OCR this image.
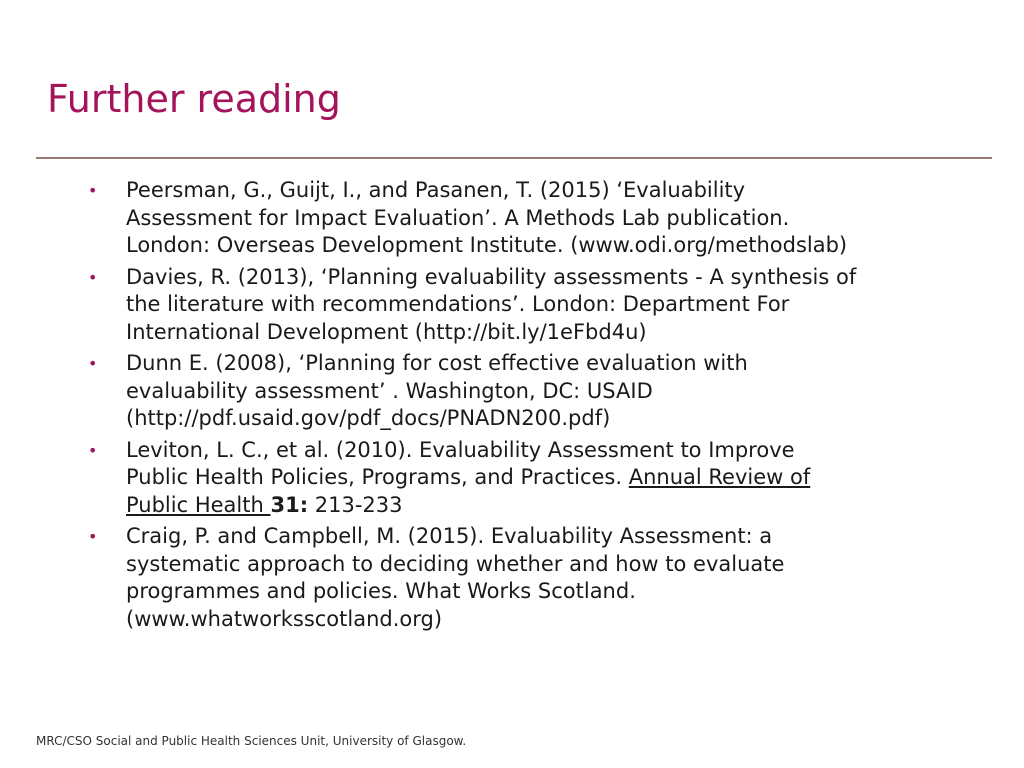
Further reading
• Peersman, G., Guijt, I., and Pasanen, T. (2015) ‘Evaluability
Assessment for Impact Evaluation’. A Methods Lab publication.
London: Overseas Development Institute. (www.odi.org/methodslab)
• Davies, R. (2013), ‘Planning evaluability assessments - A synthesis of
the literature with recommendations’. London: Department For
International Development (http://bit.ly/1eFbd4u)
• Dunn E. (2008), ‘Planning for cost effective evaluation with
evaluability assessment’ . Washington, DC: USAID
(http://pdf.usaid.gov/pdf_docs/PNADN200.pdf)
• Leviton, L. C., et al. (2010). Evaluability Assessment to Improve
Public Health Policies, Programs, and Practices. Annual Review of
Public Health 31: 213-233
• Craig, P. and Campbell, M. (2015). Evaluability Assessment: a
systematic approach to deciding whether and how to evaluate
programmes and policies. What Works Scotland.
(www.whatworksscotland.org)
MRC/CSO Social and Public Health Sciences Unit, University of Glasgow.
